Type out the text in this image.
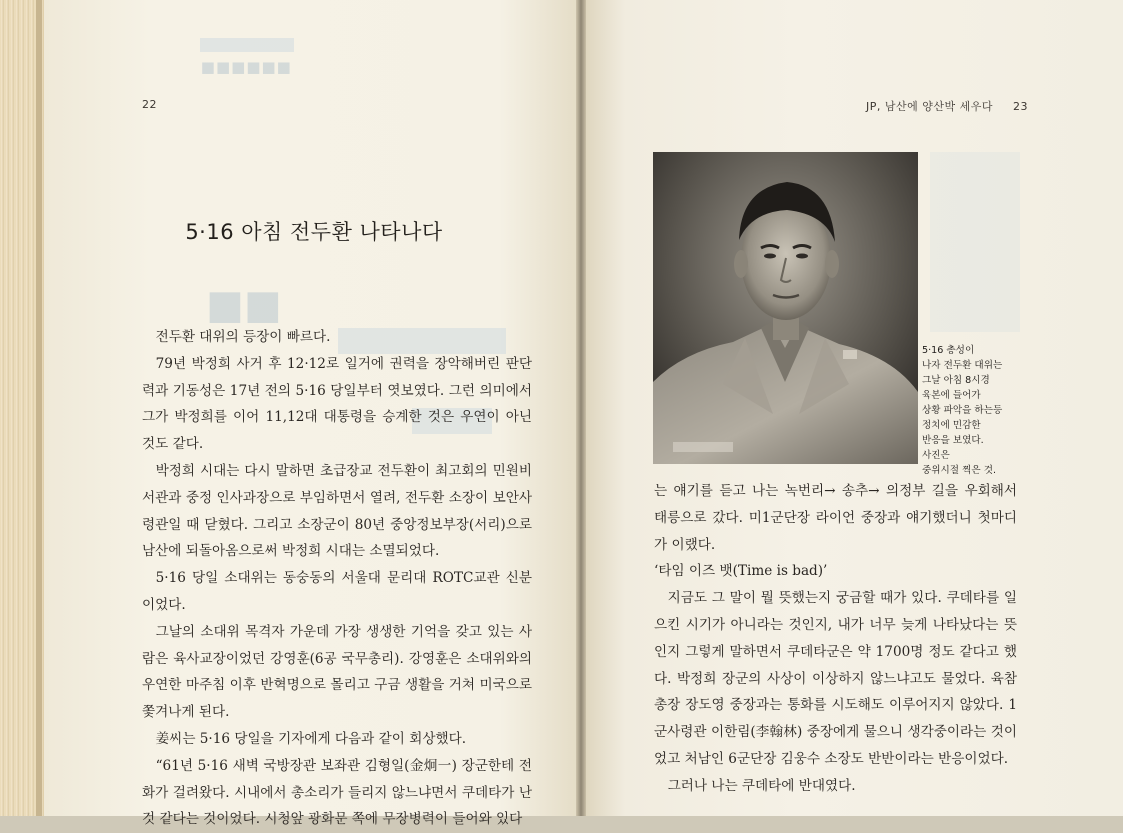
■■■■■■
■■
22
5·16 아침 전두환 나타나다

전두환 대위의 등장이 빠르다.

79년 박정희 사거 후 12·12로 일거에 권력을 장악해버린 판단력과 기동성은 17년 전의 5·16 당일부터 엿보였다. 그런 의미에서 그가 박정희를 이어 11,12대 대통령을 승계한 것은 우연이 아닌 것도 같다.

박정희 시대는 다시 말하면 초급장교 전두환이 최고회의 민원비서관과 중정 인사과장으로 부임하면서 열려, 전두환 소장이 보안사령관일 때 닫혔다. 그리고 소장군이 80년 중앙정보부장(서리)으로 남산에 되돌아옴으로써 박정희 시대는 소멸되었다.

5·16 당일 소대위는 동숭동의 서울대 문리대 ROTC교관 신분이었다.

그날의 소대위 목격자 가운데 가장 생생한 기억을 갖고 있는 사람은 육사교장이었던 강영훈(6공 국무총리). 강영훈은 소대위와의 우연한 마주침 이후 반혁명으로 몰리고 구금 생활을 거쳐 미국으로 쫓겨나게 된다.

姜씨는 5·16 당일을 기자에게 다음과 같이 회상했다.

“61년 5·16 새벽 국방장관 보좌관 김형일(金炯一) 장군한테 전화가 걸려왔다. 시내에서 총소리가 들리지 않느냐면서 쿠데타가 난 것 같다는 것이었다. 시청앞 광화문 쪽에 무장병력이 들어와 있다

JP, 남산에 양산박 세우다 23
5·16 총성이
나자 전두환 대위는
그날 아침 8시경
육본에 들어가
상황 파악을 하는등
정치에 민감한
반응을 보였다.
사진은
중위시절 찍은 것.

는 얘기를 듣고 나는 녹번리→ 송추→ 의정부 길을 우회해서 태릉으로 갔다. 미1군단장 라이언 중장과 얘기했더니 첫마디가 이랬다.

‘타임 이즈 뱃(Time is bad)’

지금도 그 말이 뭘 뜻했는지 궁금할 때가 있다. 쿠데타를 일으킨 시기가 아니라는 것인지, 내가 너무 늦게 나타났다는 뜻인지 그렇게 말하면서 쿠데타군은 약 1700명 정도 같다고 했다. 박정희 장군의 사상이 이상하지 않느냐고도 물었다. 육참총장 장도영 중장과는 통화를 시도해도 이루어지지 않았다. 1군사령관 이한림(李翰林) 중장에게 물으니 생각중이라는 것이었고 처남인 6군단장 김웅수 소장도 반반이라는 반응이었다.

그러나 나는 쿠데타에 반대였다.
